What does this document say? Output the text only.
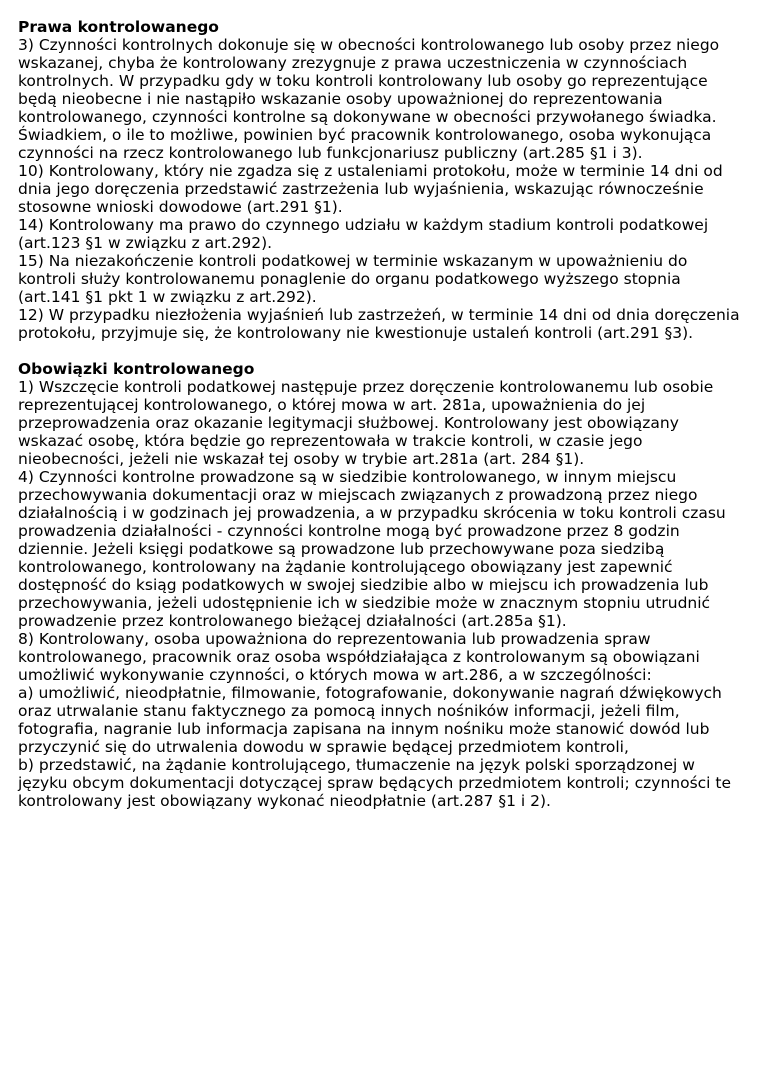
Prawa kontrolowanego

3) Czynności kontrolnych dokonuje się w obecności kontrolowanego lub osoby przez niego wskazanej, chyba że kontrolowany zrezygnuje z prawa uczestniczenia w czynnościach kontrolnych. W przypadku gdy w toku kontroli kontrolowany lub osoby go reprezentujące będą nieobecne i nie nastąpiło wskazanie osoby upoważnionej do reprezentowania kontrolowanego, czynności kontrolne są dokonywane w obecności przywołanego świadka. Świadkiem, o ile to możliwe, powinien być pracownik kontrolowanego, osoba wykonująca czynności na rzecz kontrolowanego lub funkcjonariusz publiczny (art.285 §1 i 3).

10) Kontrolowany, który nie zgadza się z ustaleniami protokołu, może w terminie 14 dni od dnia jego doręczenia przedstawić zastrzeżenia lub wyjaśnienia, wskazując równocześnie stosowne wnioski dowodowe (art.291 §1).

14) Kontrolowany ma prawo do czynnego udziału w każdym stadium kontroli podatkowej (art.123 §1 w związku z art.292).

15) Na niezakończenie kontroli podatkowej w terminie wskazanym w upoważnieniu do kontroli służy kontrolowanemu ponaglenie do organu podatkowego wyższego stopnia (art.141 §1 pkt 1 w związku z art.292).

12) W przypadku niezłożenia wyjaśnień lub zastrzeżeń, w terminie 14 dni od dnia doręczenia protokołu, przyjmuje się, że kontrolowany nie kwestionuje ustaleń kontroli (art.291 §3).

Obowiązki kontrolowanego

1) Wszczęcie kontroli podatkowej następuje przez doręczenie kontrolowanemu lub osobie reprezentującej kontrolowanego, o której mowa w art. 281a, upoważnienia do jej przeprowadzenia oraz okazanie legitymacji służbowej. Kontrolowany jest obowiązany wskazać osobę, która będzie go reprezentowała w trakcie kontroli, w czasie jego nieobecności, jeżeli nie wskazał tej osoby w trybie art.281a (art. 284 §1).

4) Czynności kontrolne prowadzone są w siedzibie kontrolowanego, w innym miejscu przechowywania dokumentacji oraz w miejscach związanych z prowadzoną przez niego działalnością i w godzinach jej prowadzenia, a w przypadku skrócenia w toku kontroli czasu prowadzenia działalności - czynności kontrolne mogą być prowadzone przez 8 godzin dziennie. Jeżeli księgi podatkowe są prowadzone lub przechowywane poza siedzibą kontrolowanego, kontrolowany na żądanie kontrolującego obowiązany jest zapewnić dostępność do ksiąg podatkowych w swojej siedzibie albo w miejscu ich prowadzenia lub przechowywania, jeżeli udostępnienie ich w siedzibie może w znacznym stopniu utrudnić prowadzenie przez kontrolowanego bieżącej działalności (art.285a §1).

8) Kontrolowany, osoba upoważniona do reprezentowania lub prowadzenia spraw kontrolowanego, pracownik oraz osoba współdziałająca z kontrolowanym są obowiązani umożliwić wykonywanie czynności, o których mowa w art.286, a w szczególności:

a) umożliwić, nieodpłatnie, filmowanie, fotografowanie, dokonywanie nagrań dźwiękowych oraz utrwalanie stanu faktycznego za pomocą innych nośników informacji, jeżeli film, fotografia, nagranie lub informacja zapisana na innym nośniku może stanowić dowód lub przyczynić się do utrwalenia dowodu w sprawie będącej przedmiotem kontroli,

b) przedstawić, na żądanie kontrolującego, tłumaczenie na język polski sporządzonej w języku obcym dokumentacji dotyczącej spraw będących przedmiotem kontroli; czynności te kontrolowany jest obowiązany wykonać nieodpłatnie (art.287 §1 i 2).
